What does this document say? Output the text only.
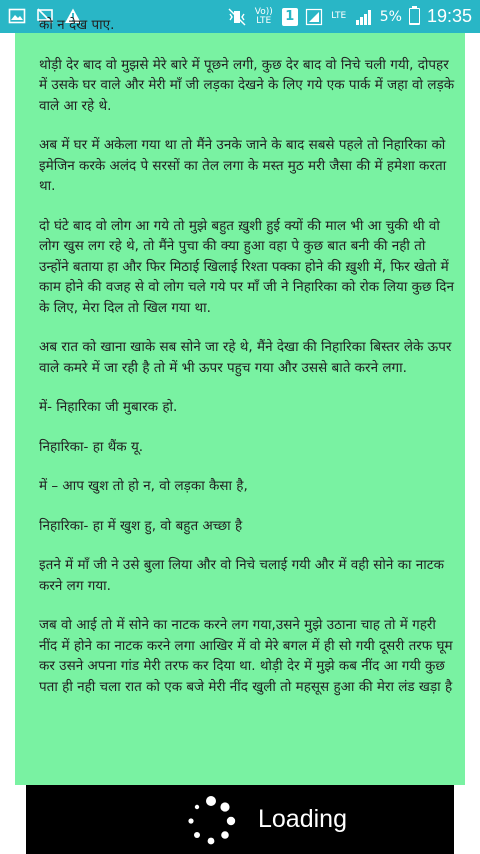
Vo)) LTE 1	LTE 5% 19:35

को न देख पाए.

थोड़ी देर बाद वो मुझसे मेरे बारे में पूछने लगी, कुछ देर बाद वो निचे चली गयी, दोपहर में उसके घर वाले और मेरी माँ जी लड़का देखने के लिए गये एक पार्क में जहा वो लड़के वाले आ रहे थे.

अब में घर में अकेला गया था तो मैंने उनके जाने के बाद सबसे पहले तो निहारिका को इमेजिन करके अलंद पे सरसों का तेल लगा के मस्त मुठ मरी जैसा की में हमेशा करता था.

दो घंटे बाद वो लोग आ गये तो मुझे बहुत ख़ुशी हुई क्यों की माल भी आ चुकी थी वो लोग खुस लग रहे थे, तो मैंने पुचा की क्या हुआ वहा पे कुछ बात बनी की नही तो उन्होंने बताया हा और फिर मिठाई खिलाई रिश्ता पक्का होने की ख़ुशी में, फिर खेतो में काम होने की वजह से वो लोग चले गये पर माँ जी ने निहारिका को रोक लिया कुछ दिन के लिए, मेरा दिल तो खिल गया था.

अब रात को खाना खाके सब सोने जा रहे थे, मैंने देखा की निहारिका बिस्तर लेके ऊपर वाले कमरे में जा रही है तो में भी ऊपर पहुच गया और उससे बाते करने लगा.

में- निहारिका जी मुबारक हो.

निहारिका- हा थैंक यू.

में – आप खुश तो हो न, वो लड़का कैसा है,

निहारिका- हा में खुश हु, वो बहुत अच्छा है

इतने में माँ जी ने उसे बुला लिया और वो निचे चलाई गयी और में वही सोने का नाटक करने लग गया.

जब वो आई तो में सोने का नाटक करने लग गया,उसने मुझे उठाना चाह तो में गहरी नींद में होने का नाटक करने लगा आखिर में वो मेरे बगल में ही सो गयी दूसरी तरफ घूम कर उसने अपना गांड मेरी तरफ कर दिया था. थोड़ी देर में मुझे कब नींद आ गयी कुछ पता ही नही चला रात को एक बजे मेरी नींद खुली तो महसूस हुआ की मेरा लंड खड़ा है

Loading
